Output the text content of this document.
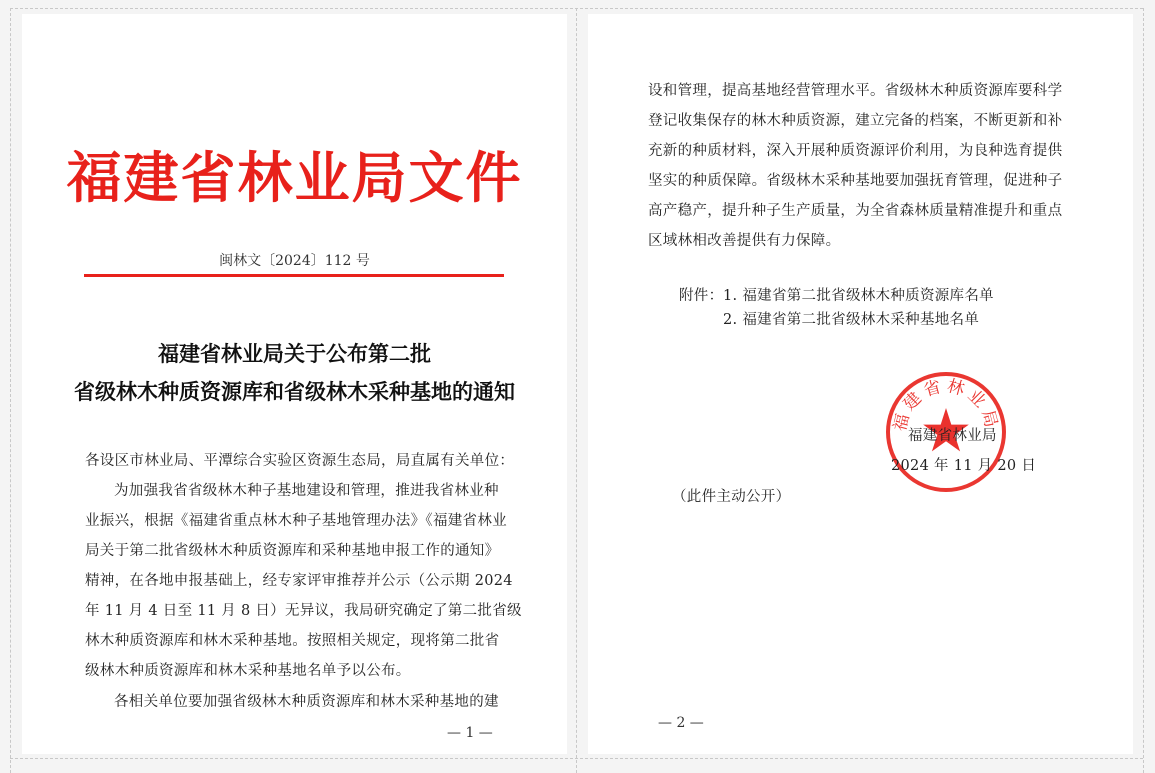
福建省林业局文件
闽林文〔2024〕112 号
福建省林业局关于公布第二批
省级林木种质资源库和省级林木采种基地的通知
各设区市林业局、平潭综合实验区资源生态局，局直属有关单位：
为加强我省省级林木种子基地建设和管理，推进我省林业种
业振兴，根据《福建省重点林木种子基地管理办法》《福建省林业
局关于第二批省级林木种质资源库和采种基地申报工作的通知》
精神，在各地申报基础上，经专家评审推荐并公示（公示期 2024
年 11 月 4 日至 11 月 8 日）无异议，我局研究确定了第二批省级
林木种质资源库和林木采种基地。按照相关规定，现将第二批省
级林木种质资源库和林木采种基地名单予以公布。
各相关单位要加强省级林木种质资源库和林木采种基地的建
— 1 —
设和管理，提高基地经营管理水平。省级林木种质资源库要科学
登记收集保存的林木种质资源，建立完备的档案，不断更新和补
充新的种质材料，深入开展种质资源评价利用，为良种选育提供
坚实的种质保障。省级林木采种基地要加强抚育管理，促进种子
高产稳产，提升种子生产质量，为全省森林质量精准提升和重点
区域林相改善提供有力保障。
附件： 1. 福建省第二批省级林木种质资源库名单
2. 福建省第二批省级林木采种基地名单
福建省林业局
福建省林业局
2024 年 11 月 20 日
（此件主动公开）
— 2 —
